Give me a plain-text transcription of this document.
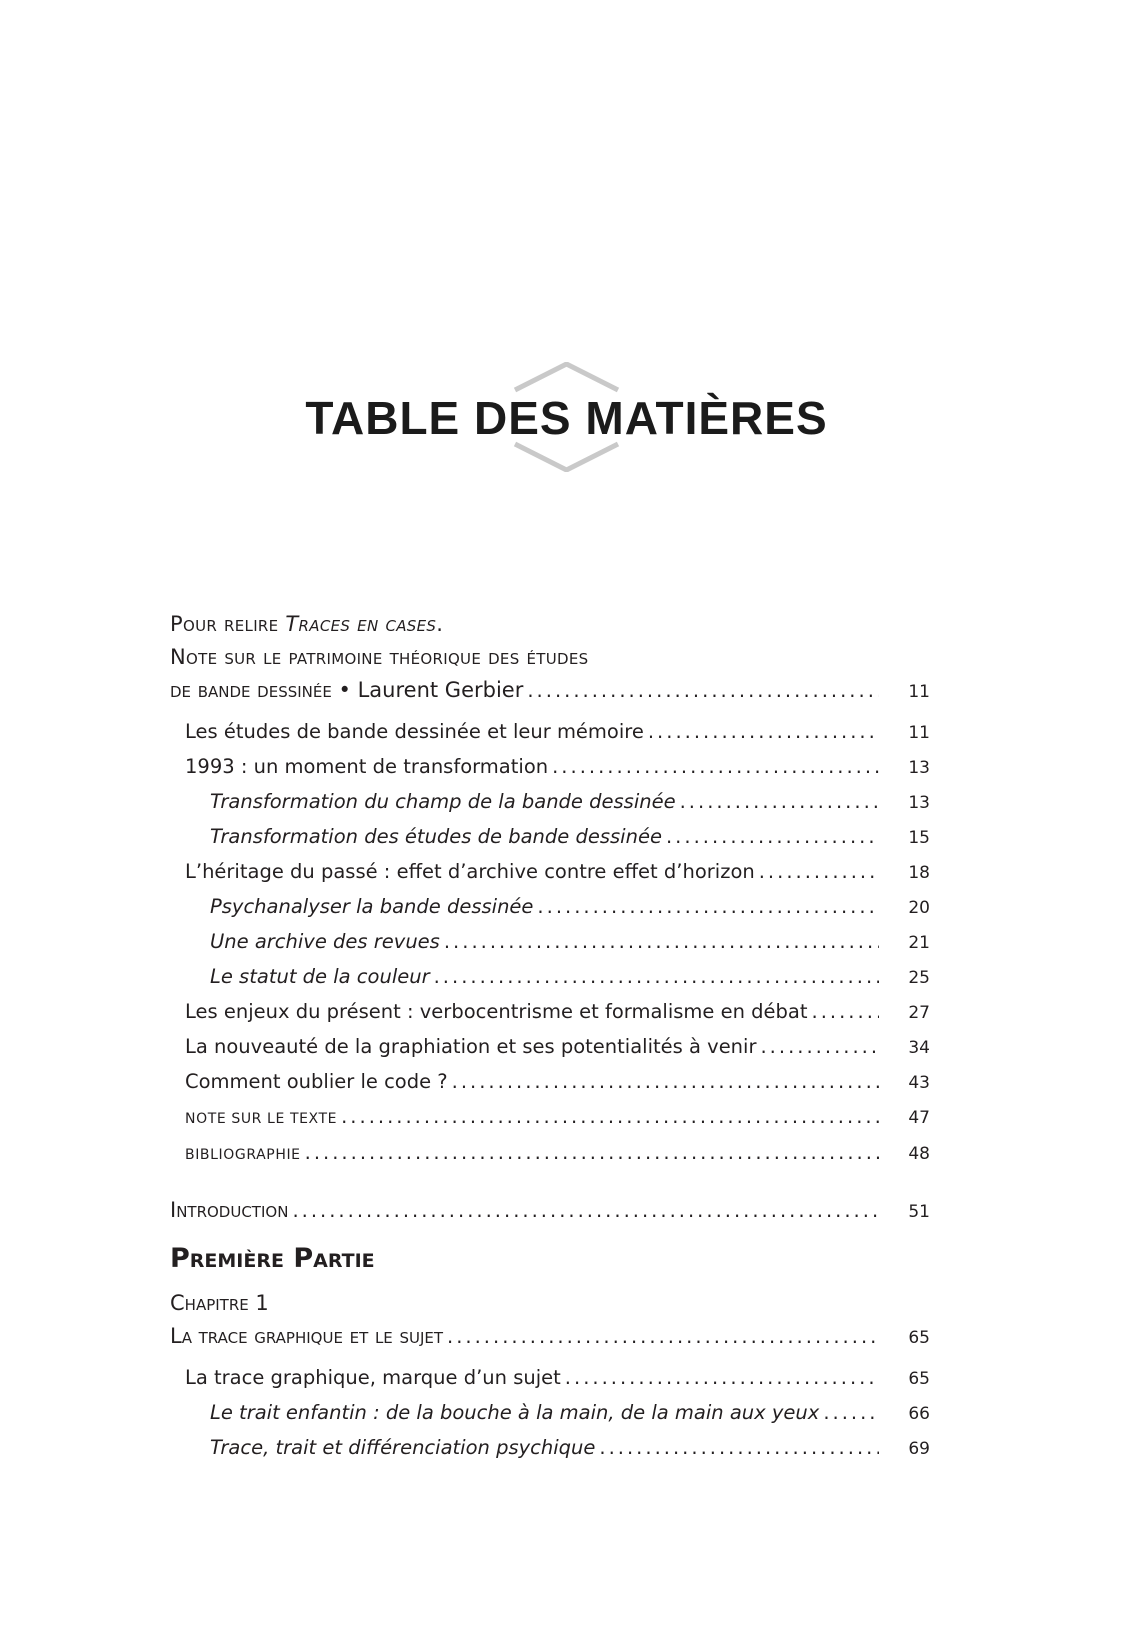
TABLE DES MATIÈRES
Pour relire Traces en cases.
Note sur le patrimoine théorique des études
de bande dessinée • Laurent Gerbier .....	11
Les études de bande dessinée et leur mémoire .....	11
1993 : un moment de transformation .....	13
Transformation du champ de la bande dessinée .....	13
Transformation des études de bande dessinée .....	15
L’héritage du passé : effet d’archive contre effet d’horizon .....	18
Psychanalyser la bande dessinée .....	20
Une archive des revues .....	21
Le statut de la couleur .....	25
Les enjeux du présent : verbocentrisme et formalisme en débat .....	27
La nouveauté de la graphiation et ses potentialités à venir .....	34
Comment oublier le code ? .....	43
NOTE SUR LE TEXTE .....	47
BIBLIOGRAPHIE .....	48
Introduction .....	51
Première Partie
Chapitre 1
La trace graphique et le sujet .....	65
La trace graphique, marque d’un sujet .....	65
Le trait enfantin : de la bouche à la main, de la main aux yeux .....	66
Trace, trait et différenciation psychique .....	69
